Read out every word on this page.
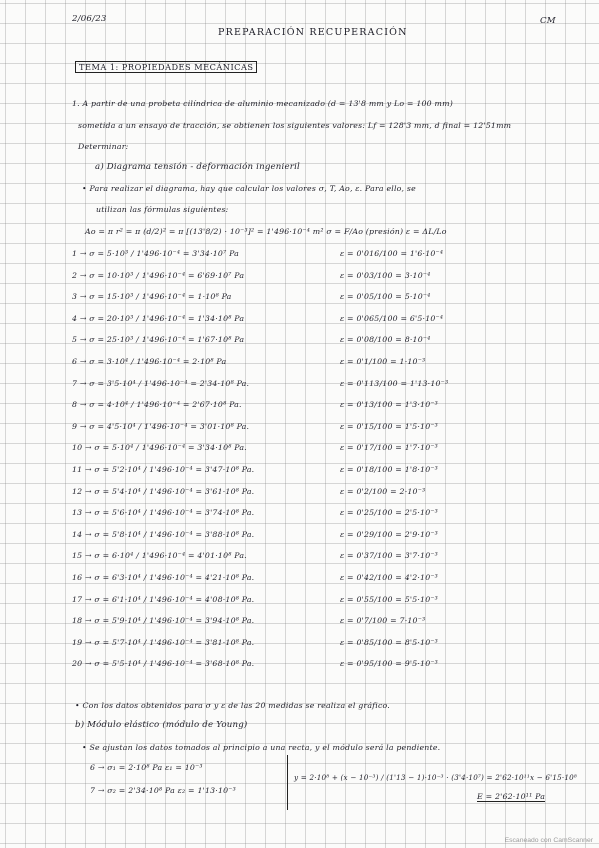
2/06/23	CM
PREPARACIÓN RECUPERACIÓN
TEMA 1: PROPIEDADES MECÁNICAS
1. A partir de una probeta cilíndrica de aluminio mecanizado (d = 13'8 mm y Lo = 100 mm)
sometida a un ensayo de tracción, se obtienen los siguientes valores: Lf = 128'3 mm, d final = 12'51mm
Determinar:
a) Diagrama tensión - deformación ingenieril
• Para realizar el diagrama, hay que calcular los valores σ, T, Ao, ε. Para ello, se
utilizan las fórmulas siguientes:
Ao = π r² = π (d/2)² = π [(13'8/2) · 10⁻³]² = 1'496·10⁻⁴ m² σ = F/Ao (presión) ε = ΔL/Lo
1 → σ = 5·10³ / 1'496·10⁻⁴ = 3'34·10⁷ Pa	ε = 0'016/100 = 1'6·10⁻⁴
2 → σ = 10·10³ / 1'496·10⁻⁴ = 6'69·10⁷ Pa	ε = 0'03/100 = 3·10⁻⁴
3 → σ = 15·10³ / 1'496·10⁻⁴ = 1·10⁸ Pa	ε = 0'05/100 = 5·10⁻⁴
4 → σ = 20·10³ / 1'496·10⁻⁴ = 1'34·10⁸ Pa	ε = 0'065/100 = 6'5·10⁻⁴
5 → σ = 25·10³ / 1'496·10⁻⁴ = 1'67·10⁸ Pa	ε = 0'08/100 = 8·10⁻⁴
6 → σ = 3·10⁴ / 1'496·10⁻⁴ = 2·10⁸ Pa	ε = 0'1/100 = 1·10⁻³
7 → σ = 3'5·10⁴ / 1'496·10⁻⁴ = 2'34·10⁸ Pa.	ε = 0'113/100 = 1'13·10⁻³
8 → σ = 4·10⁴ / 1'496·10⁻⁴ = 2'67·10⁸ Pa.	ε = 0'13/100 = 1'3·10⁻³
9 → σ = 4'5·10⁴ / 1'496·10⁻⁴ = 3'01·10⁸ Pa.	ε = 0'15/100 = 1'5·10⁻³
10 → σ = 5·10⁴ / 1'496·10⁻⁴ = 3'34·10⁸ Pa.	ε = 0'17/100 = 1'7·10⁻³
11 → σ = 5'2·10⁴ / 1'496·10⁻⁴ = 3'47·10⁸ Pa.	ε = 0'18/100 = 1'8·10⁻³
12 → σ = 5'4·10⁴ / 1'496·10⁻⁴ = 3'61·10⁸ Pa.	ε = 0'2/100 = 2·10⁻³
13 → σ = 5'6·10⁴ / 1'496·10⁻⁴ = 3'74·10⁸ Pa.	ε = 0'25/100 = 2'5·10⁻³
14 → σ = 5'8·10⁴ / 1'496·10⁻⁴ = 3'88·10⁸ Pa.	ε = 0'29/100 = 2'9·10⁻³
15 → σ = 6·10⁴ / 1'496·10⁻⁴ = 4'01·10⁸ Pa.	ε = 0'37/100 = 3'7·10⁻³
16 → σ = 6'3·10⁴ / 1'496·10⁻⁴ = 4'21·10⁸ Pa.	ε = 0'42/100 = 4'2·10⁻³
17 → σ = 6'1·10⁴ / 1'496·10⁻⁴ = 4'08·10⁸ Pa.	ε = 0'55/100 = 5'5·10⁻³
18 → σ = 5'9·10⁴ / 1'496·10⁻⁴ = 3'94·10⁸ Pa.	ε = 0'7/100 = 7·10⁻³
19 → σ = 5'7·10⁴ / 1'496·10⁻⁴ = 3'81·10⁸ Pa.	ε = 0'85/100 = 8'5·10⁻³
20 → σ = 5'5·10⁴ / 1'496·10⁻⁴ = 3'68·10⁸ Pa.	ε = 0'95/100 = 9'5·10⁻³
• Con los datos obtenidos para σ y ε de las 20 medidas se realiza el gráfico.
b) Módulo elástico (módulo de Young)
• Se ajustan los datos tomados al principio a una recta, y el módulo será la pendiente.
6 → σ₁ = 2·10⁸ Pa ε₁ = 10⁻³
7 → σ₂ = 2'34·10⁸ Pa ε₂ = 1'13·10⁻³
y = 2·10⁸ + (x − 10⁻³) / (1'13 − 1)·10⁻³ · (3'4·10⁷) = 2'62·10¹¹x − 6'15·10⁸
E = 2'62·10¹¹ Pa
Escaneado con CamScanner
